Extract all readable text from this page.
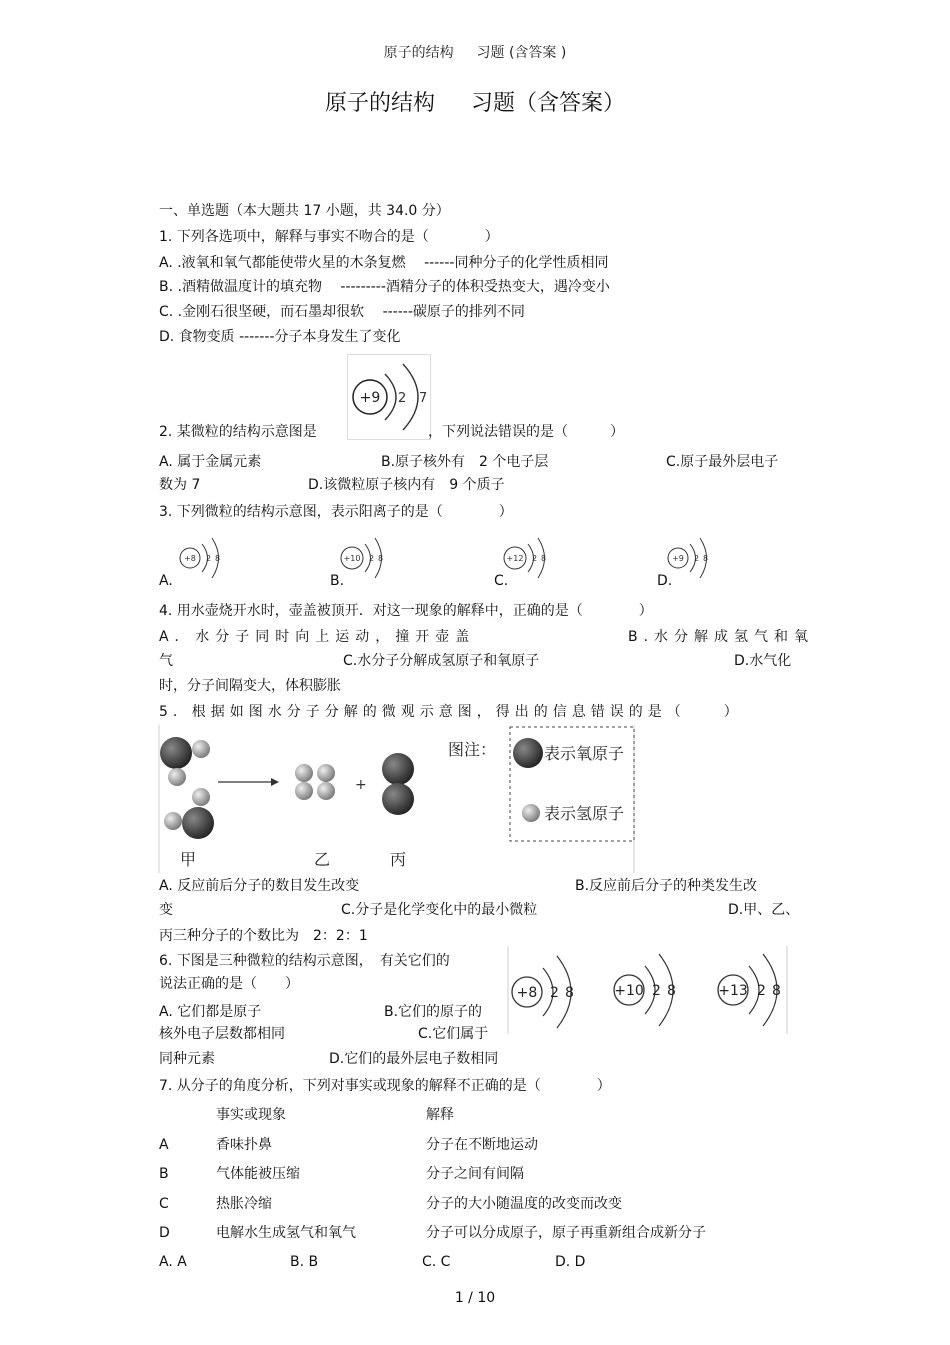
原子的结构 　 习题 (含答案 )
原子的结构 　 习题（含答案）
一、单选题（本大题共 17 小题，共 34.0 分）
1. 下列各选项中，解释与事实不吻合的是（　　　　）
A. .液氧和氧气都能使带火星的木条复燃　 ------同种分子的化学性质相同
B. .酒精做温度计的填充物　 ---------酒精分子的体积受热变大，遇冷变小
C. .金刚石很坚硬，而石墨却很软　 ------碳原子的排列不同
D. 食物变质 -------分子本身发生了变化
2. 某微粒的结构示意图是
+9 2 7
，下列说法错误的是（　　　）
A. 属于金属元素	B.原子核外有　2 个电子层	C.原子最外层电子
数为 7	D.该微粒原子核内有　9 个质子
3. 下列微粒的结构示意图，表示阳离子的是（　　　　）
A.
+8 2 8
B.
+10 2 8
C.
+12 2 8
D.
+9 2 8
4. 用水壶烧开水时，壶盖被顶开．对这一现象的解释中，正确的是（　　　　）
A. 水分子同时向上运动，撞开壶盖	B.水分解成氢气和氧
气	C.水分子分解成氢原子和氧原子	D.水气化
时，分子间隔变大，体积膨胀
5. 根据如图水分子分解的微观示意图，得出的信息错误的是（　　）
+
甲	乙	丙
图注：	表示氧原子
表示氢原子
A. 反应前后分子的数目发生改变	B.反应前后分子的种类发生改
变	C.分子是化学变化中的最小微粒	D.甲、乙、
丙三种分子的个数比为　2：2：1
6. 下图是三种微粒的结构示意图，　有关它们的
说法正确的是（　　）
A. 它们都是原子	B.它们的原子的
核外电子层数都相同	C.它们属于
同种元素	D.它们的最外层电子数相同
+8 2 8	+10 2 8	+13 2 8
7. 从分子的角度分析，下列对事实或现象的解释不正确的是（　　　　）
事实或现象	解释
A	香味扑鼻	分子在不断地运动
B	气体能被压缩	分子之间有间隔
C	热胀冷缩	分子的大小随温度的改变而改变
D	电解水生成氢气和氧气	分子可以分成原子，原子再重新组合成新分子
A. A	B. B	C. C	D. D
1 / 10
